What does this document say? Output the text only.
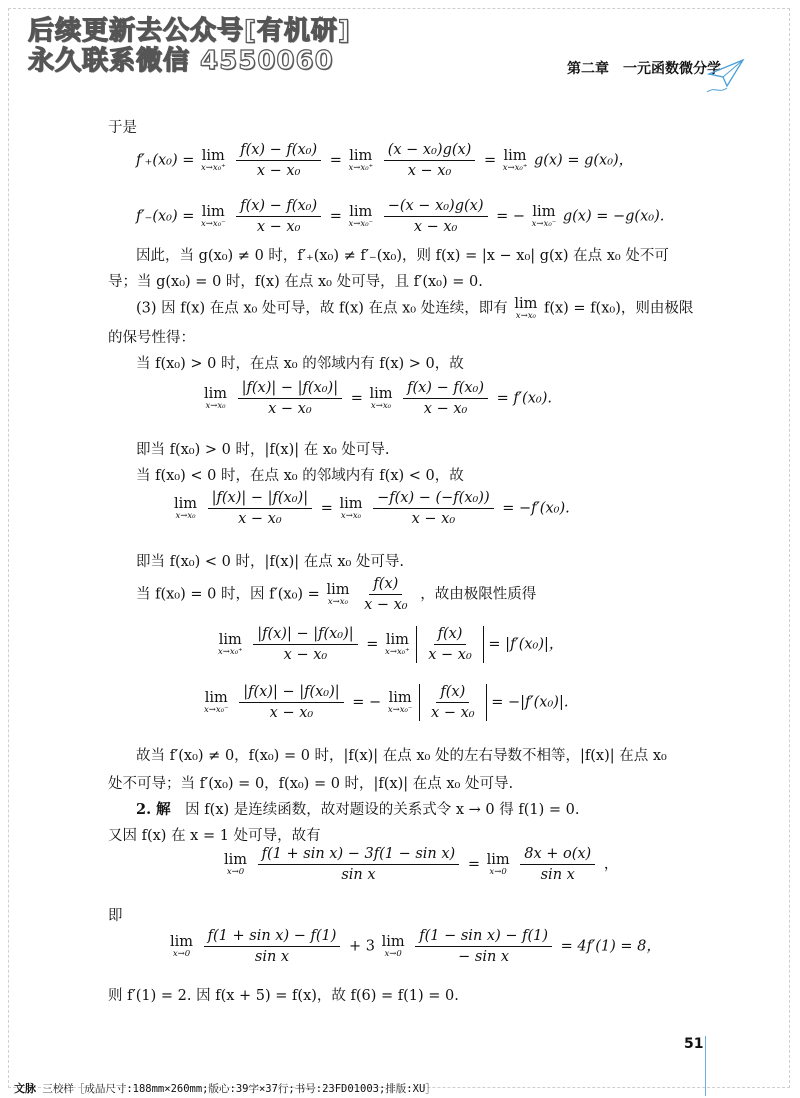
后续更新去公众号[有机研]
永久联系微信 4550060	第二章　一元函数微分学
于是
f′₊(x₀) = lim
x→x₀⁺
$\frac{\text{f(x) − f(x₀)}}{\text{x − x₀}} = \lim$
x→x₀⁺
$\frac{\text{(x − x₀)g(x)}}{\text{x − x₀}} = \lim$
x→x₀⁺ g(x) = g(x₀)，
f′₋(x₀) = lim
x→x₀⁻
$\frac{\text{f(x) − f(x₀)}}{\text{x − x₀}} = \lim$
x→x₀⁻
$\frac{\text{−(x − x₀)g(x)}}{\text{x − x₀}}$ = − lim
x→x₀⁻ g(x) = −g(x₀).
因此，当 g(x₀) ≠ 0 时，f′₊(x₀) ≠ f′₋(x₀)，则 f(x) = |x − x₀| g(x) 在点 x₀ 处不可
导；当 g(x₀) = 0 时，f(x) 在点 x₀ 处可导，且 f′(x₀) = 0.
(3) 因 f(x) 在点 x₀ 处可导，故 f(x) 在点 x₀ 处连续，即有 lim
x→x₀ f(x) = f(x₀)，则由极限
的保号性得：
当 f(x₀) > 0 时，在点 x₀ 的邻域内有 f(x) > 0，故
lim
x→x₀
$\frac{\text{|f(x)| − |f(x₀)|}}{\text{x − x₀}} = \lim$
x→x₀
$\frac{\text{f(x) − f(x₀)}}{\text{x − x₀}} = f'(x_0)$.
即当 f(x₀) > 0 时，|f(x)| 在 x₀ 处可导.
当 f(x₀) < 0 时，在点 x₀ 的邻域内有 f(x) < 0，故
lim
x→x₀
$\frac{\text{|f(x)| − |f(x₀)|}}{\text{x − x₀}} = \lim$
x→x₀
$\frac{\text{−f(x) − (−f(x₀))}}{\text{x − x₀}} = -f'(x_0)$.
即当 f(x₀) < 0 时，|f(x)| 在点 x₀ 处可导.
当 f(x₀) = 0 时，因 f′(x₀) = lim
x→x₀
$\frac{f(x)}{\text{x − x₀}}$ ，故由极限性质得
lim
x→x₀⁺
$\frac{\text{|f(x)| − |f(x₀)|}}{\text{x − x₀}} = \lim$
x→x₀⁺
$\frac{f(x)}{\text{x − x₀}} = |f'(x_0)|$，
lim
x→x₀⁻
$\frac{\text{|f(x)| − |f(x₀)|}}{\text{x − x₀}}$ = − lim
x→x₀⁻
$\frac{f(x)}{\text{x − x₀}} = -|f'(x_0)|$.
故当 f′(x₀) ≠ 0，f(x₀) = 0 时，|f(x)| 在点 x₀ 处的左右导数不相等，|f(x)| 在点 x₀
处不可导；当 f′(x₀) = 0，f(x₀) = 0 时，|f(x)| 在点 x₀ 处可导.
2. 解　因 f(x) 是连续函数，故对题设的关系式令 x → 0 得 f(1) = 0.
又因 f(x) 在 x = 1 处可导，故有
lim
x→0
$\frac{\text{f(1 + sin x) − 3f(1 − sin x)}}{\text{sin x}} = \lim$
x→0
$\frac{8x + o(x)}{\text{sin x}}$ ，
即
lim
x→0
$\frac{\text{f(1 + sin x) − f(1)}}{\text{sin x}} + 3$ lim
x→0
$\frac{\text{f(1 − sin x) − f(1)}}{\text{− sin x}} = 4f'(1) = 8$，
则 f′(1) = 2. 因 f(x + 5) = f(x)，故 f(6) = f(1) = 0.
51
文脉 三校样［成品尺寸:188mm×260mm;版心:39字×37行;书号:23FD01003;排版:XU］
